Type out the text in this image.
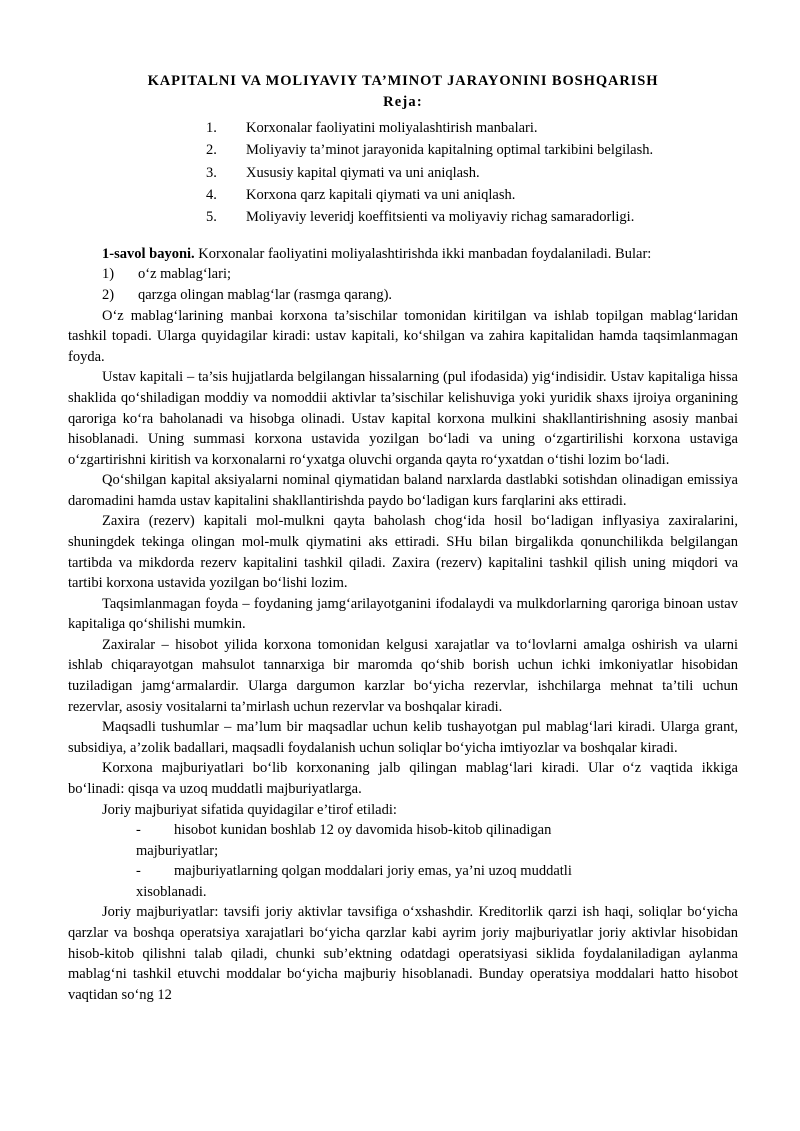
KAPITALNI VA MOLIYAVIY TA’MINOT JARAYONINI BOSHQARISH
Reja:
1.	Korxonalar faoliyatini moliyalashtirish manbalari.
2.	Moliyaviy ta’minot jarayonida kapitalning optimal tarkibini belgilash.
3.	Xususiy kapital qiymati va uni aniqlash.
4.	Korxona qarz kapitali qiymati va uni aniqlash.
5.	Moliyaviy leveridj koeffitsienti va moliyaviy richag samaradorligi.

1-savol bayoni. Korxonalar faoliyatini moliyalashtirishda ikki manbadan foydalaniladi. Bular:

1)	o‘z mablag‘lari;
2)	qarzga olingan mablag‘lar (rasmga qarang).

O‘z mablag‘larining manbai korxona ta’sischilar tomonidan kiritilgan va ishlab topilgan mablag‘laridan tashkil topadi. Ularga quyidagilar kiradi: ustav kapitali, ko‘shilgan va zahira kapitalidan hamda taqsimlanmagan foyda.

Ustav kapitali – ta’sis hujjatlarda belgilangan hissalarning (pul ifodasida) yig‘indisidir. Ustav kapitaliga hissa shaklida qo‘shiladigan moddiy va nomoddii aktivlar ta’sischilar kelishuviga yoki yuridik shaxs ijroiya organining qaroriga ko‘ra baholanadi va hisobga olinadi. Ustav kapital korxona mulkini shakllantirishning asosiy manbai hisoblanadi. Uning summasi korxona ustavida yozilgan bo‘ladi va uning o‘zgartirilishi korxona ustaviga o‘zgartirishni kiritish va korxonalarni ro‘yxatga oluvchi organda qayta ro‘yxatdan o‘tishi lozim bo‘ladi.

Qo‘shilgan kapital aksiyalarni nominal qiymatidan baland narxlarda dastlabki sotishdan olinadigan emissiya daromadini hamda ustav kapitalini shakllantirishda paydo bo‘ladigan kurs farqlarini aks ettiradi.

Zaxira (rezerv) kapitali mol-mulkni qayta baholash chog‘ida hosil bo‘ladigan inflyasiya zaxiralarini, shuningdek tekinga olingan mol-mulk qiymatini aks ettiradi. SHu bilan birgalikda qonunchilikda belgilangan tartibda va mikdorda rezerv kapitalini tashkil qiladi. Zaxira (rezerv) kapitalini tashkil qilish uning miqdori va tartibi korxona ustavida yozilgan bo‘lishi lozim.

Taqsimlanmagan foyda – foydaning jamg‘arilayotganini ifodalaydi va mulkdorlarning qaroriga binoan ustav kapitaliga qo‘shilishi mumkin.

Zaxiralar – hisobot yilida korxona tomonidan kelgusi xarajatlar va to‘lovlarni amalga oshirish va ularni ishlab chiqarayotgan mahsulot tannarxiga bir maromda qo‘shib borish uchun ichki imkoniyatlar hisobidan tuziladigan jamg‘armalardir. Ularga dargumon karzlar bo‘yicha rezervlar, ishchilarga mehnat ta’tili uchun rezervlar, asosiy vositalarni ta’mirlash uchun rezervlar va boshqalar kiradi.

Maqsadli tushumlar – ma’lum bir maqsadlar uchun kelib tushayotgan pul mablag‘lari kiradi. Ularga grant, subsidiya, a’zolik badallari, maqsadli foydalanish uchun soliqlar bo‘yicha imtiyozlar va boshqalar kiradi.

Korxona majburiyatlari bo‘lib korxonaning jalb qilingan mablag‘lari kiradi. Ular o‘z vaqtida ikkiga bo‘linadi: qisqa va uzoq muddatli majburiyatlarga.

Joriy majburiyat sifatida quyidagilar e’tirof etiladi:

-	hisobot kunidan boshlab 12 oy davomida hisob-kitob qilinadigan
majburiyatlar;
-	majburiyatlarning qolgan moddalari joriy emas, ya’ni uzoq muddatli
xisoblanadi.

Joriy majburiyatlar: tavsifi joriy aktivlar tavsifiga o‘xshashdir. Kreditorlik qarzi ish haqi, soliqlar bo‘yicha qarzlar va boshqa operatsiya xarajatlari bo‘yicha qarzlar kabi ayrim joriy majburiyatlar joriy aktivlar hisobidan hisob-kitob qilishni talab qiladi, chunki sub’ektning odatdagi operatsiyasi siklida foydalaniladigan aylanma mablag‘ni tashkil etuvchi moddalar bo‘yicha majburiy hisoblanadi. Bunday operatsiya moddalari hatto hisobot vaqtidan so‘ng 12
